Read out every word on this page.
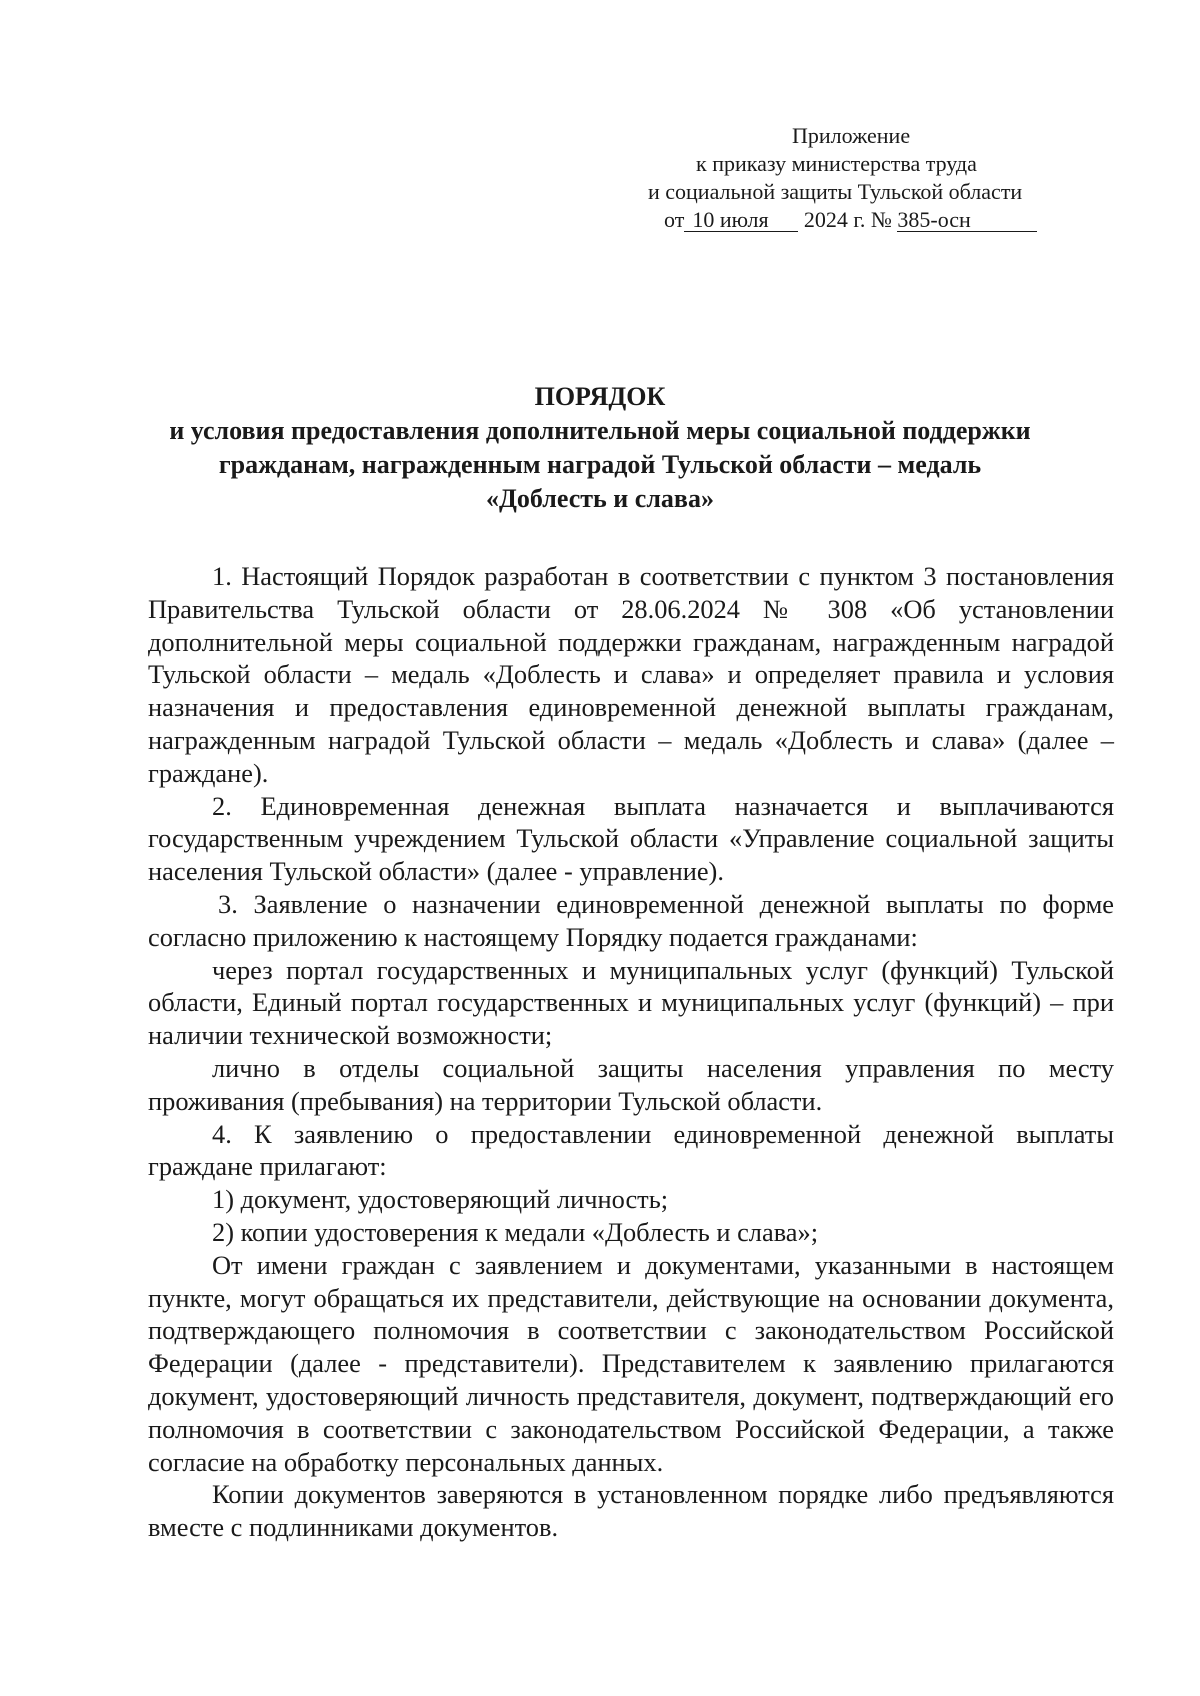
Приложение
к приказу министерства труда
и социальной защиты Тульской области
от 10 июля 2024 г. № 385-осн
ПОРЯДОК
и условия предоставления дополнительной меры социальной поддержки
гражданам, награжденным наградой Тульской области – медаль
«Доблесть и слава»

1. Настоящий Порядок разработан в соответствии с пунктом 3 постановления Правительства Тульской области от 28.06.2024 № 308 «Об установлении дополнительной меры социальной поддержки гражданам, награжденным наградой Тульской области – медаль «Доблесть и слава» и определяет правила и условия назначения и предоставления единовременной денежной выплаты гражданам, награжденным наградой Тульской области – медаль «Доблесть и слава» (далее – граждане).

2. Единовременная денежная выплата назначается и выплачиваются государственным учреждением Тульской области «Управление социальной защиты населения Тульской области» (далее - управление).

3. Заявление о назначении единовременной денежной выплаты по форме согласно приложению к настоящему Порядку подается гражданами:

через портал государственных и муниципальных услуг (функций) Тульской области, Единый портал государственных и муниципальных услуг (функций) – при наличии технической возможности;

лично в отделы социальной защиты населения управления по месту проживания (пребывания) на территории Тульской области.

4. К заявлению о предоставлении единовременной денежной выплаты граждане прилагают:

1) документ, удостоверяющий личность;

2) копии удостоверения к медали «Доблесть и слава»;

От имени граждан с заявлением и документами, указанными в настоящем пункте, могут обращаться их представители, действующие на основании документа, подтверждающего полномочия в соответствии с законодательством Российской Федерации (далее - представители). Представителем к заявлению прилагаются документ, удостоверяющий личность представителя, документ, подтверждающий его полномочия в соответствии с законодательством Российской Федерации, а также согласие на обработку персональных данных.

Копии документов заверяются в установленном порядке либо предъявляются вместе с подлинниками документов.
